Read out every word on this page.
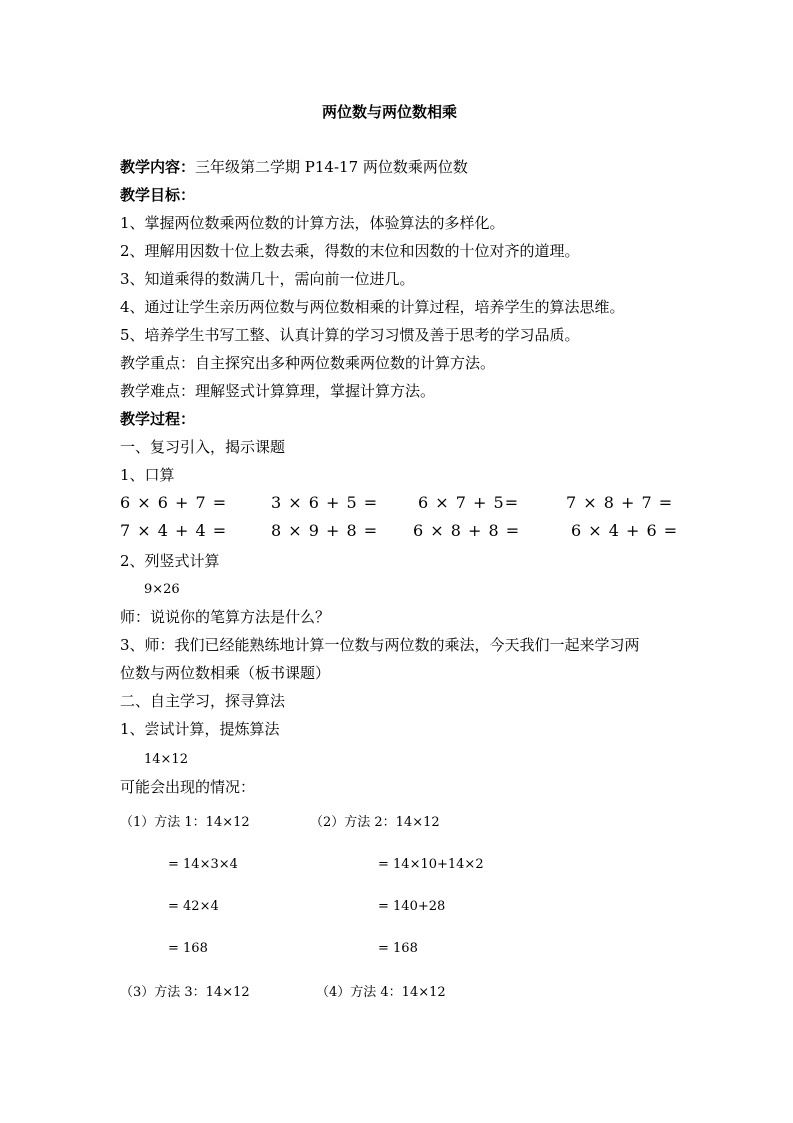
两位数与两位数相乘
教学内容：三年级第二学期 P14-17 两位数乘两位数
教学目标：
1、掌握两位数乘两位数的计算方法，体验算法的多样化。
2、理解用因数十位上数去乘，得数的末位和因数的十位对齐的道理。
3、知道乘得的数满几十，需向前一位进几。
4、通过让学生亲历两位数与两位数相乘的计算过程，培养学生的算法思维。
5、培养学生书写工整、认真计算的学习习惯及善于思考的学习品质。
教学重点：自主探究出多种两位数乘两位数的计算方法。
教学难点：理解竖式计算算理，掌握计算方法。
教学过程：
一、复习引入，揭示课题
1、口算
6 × 6 + 7 =	3 × 6 + 5 = 6 × 7 + 5=	7 × 8 + 7 =
7 × 4 + 4 =	8 × 9 + 8 = 6 × 8 + 8 =	6 × 4 + 6 =
2、列竖式计算
9×26
师：说说你的笔算方法是什么？
3、师：我们已经能熟练地计算一位数与两位数的乘法，今天我们一起来学习两
位数与两位数相乘（板书课题）
二、自主学习，探寻算法
1、尝试计算，提炼算法
14×12
可能会出现的情况：
（1）方法 1：14×12	（2）方法 2：14×12
= 14×3×4	= 14×10+14×2
= 42×4	= 140+28
= 168	= 168
（3）方法 3：14×12	（4）方法 4：14×12
